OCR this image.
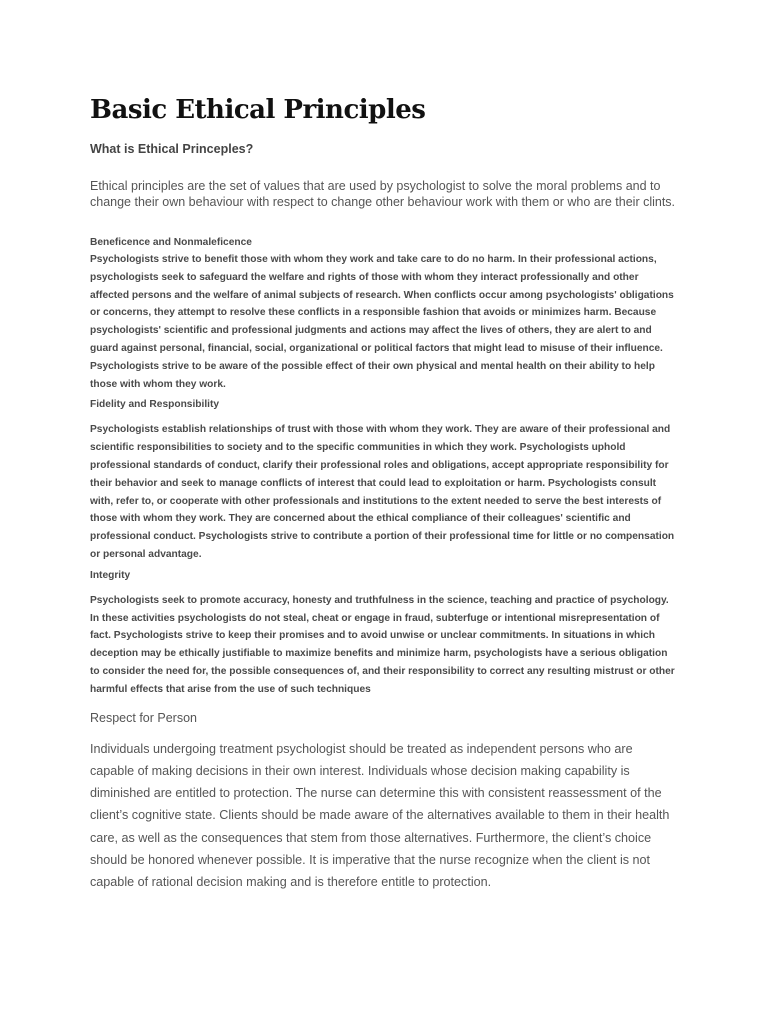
Basic Ethical Principles

What is Ethical Princeples?

Ethical principles are the set of values that are used by psychologist to solve the moral problems and to change their own behaviour with respect to change other behaviour work with them or who are their clints.

Beneficence and Nonmaleficence

Psychologists strive to benefit those with whom they work and take care to do no harm. In their professional actions, psychologists seek to safeguard the welfare and rights of those with whom they interact professionally and other affected persons and the welfare of animal subjects of research. When conflicts occur among psychologists' obligations or concerns, they attempt to resolve these conflicts in a responsible fashion that avoids or minimizes harm. Because psychologists' scientific and professional judgments and actions may affect the lives of others, they are alert to and guard against personal, financial, social, organizational or political factors that might lead to misuse of their influence. Psychologists strive to be aware of the possible effect of their own physical and mental health on their ability to help those with whom they work.

Fidelity and Responsibility

Psychologists establish relationships of trust with those with whom they work. They are aware of their professional and scientific responsibilities to society and to the specific communities in which they work. Psychologists uphold professional standards of conduct, clarify their professional roles and obligations, accept appropriate responsibility for their behavior and seek to manage conflicts of interest that could lead to exploitation or harm. Psychologists consult with, refer to, or cooperate with other professionals and institutions to the extent needed to serve the best interests of those with whom they work. They are concerned about the ethical compliance of their colleagues' scientific and professional conduct. Psychologists strive to contribute a portion of their professional time for little or no compensation or personal advantage.

Integrity

Psychologists seek to promote accuracy, honesty and truthfulness in the science, teaching and practice of psychology. In these activities psychologists do not steal, cheat or engage in fraud, subterfuge or intentional misrepresentation of fact. Psychologists strive to keep their promises and to avoid unwise or unclear commitments. In situations in which deception may be ethically justifiable to maximize benefits and minimize harm, psychologists have a serious obligation to consider the need for, the possible consequences of, and their responsibility to correct any resulting mistrust or other harmful effects that arise from the use of such techniques

Respect for Person

Individuals undergoing treatment psychologist should be treated as independent persons who are capable of making decisions in their own interest. Individuals whose decision making capability is diminished are entitled to protection. The nurse can determine this with consistent reassessment of the client’s cognitive state. Clients should be made aware of the alternatives available to them in their health care, as well as the consequences that stem from those alternatives. Furthermore, the client’s choice should be honored whenever possible. It is imperative that the nurse recognize when the client is not capable of rational decision making and is therefore entitle to protection.
